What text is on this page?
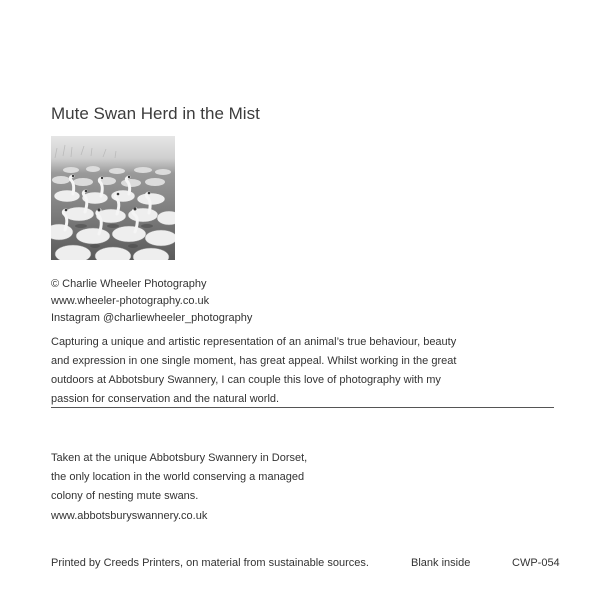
Mute Swan Herd in the Mist
© Charlie Wheeler Photography
www.wheeler-photography.co.uk
Instagram @charliewheeler_photography
Capturing a unique and artistic representation of an animal’s true behaviour, beauty and expression in one single moment, has great appeal. Whilst working in the great outdoors at Abbotsbury Swannery, I can couple this love of photography with my passion for conservation and the natural world.
Taken at the unique Abbotsbury Swannery in Dorset,
the only location in the world conserving a managed
colony of nesting mute swans.
www.abbotsburyswannery.co.uk
Printed by Creeds Printers, on material from sustainable sources.	Blank inside	CWP-054
